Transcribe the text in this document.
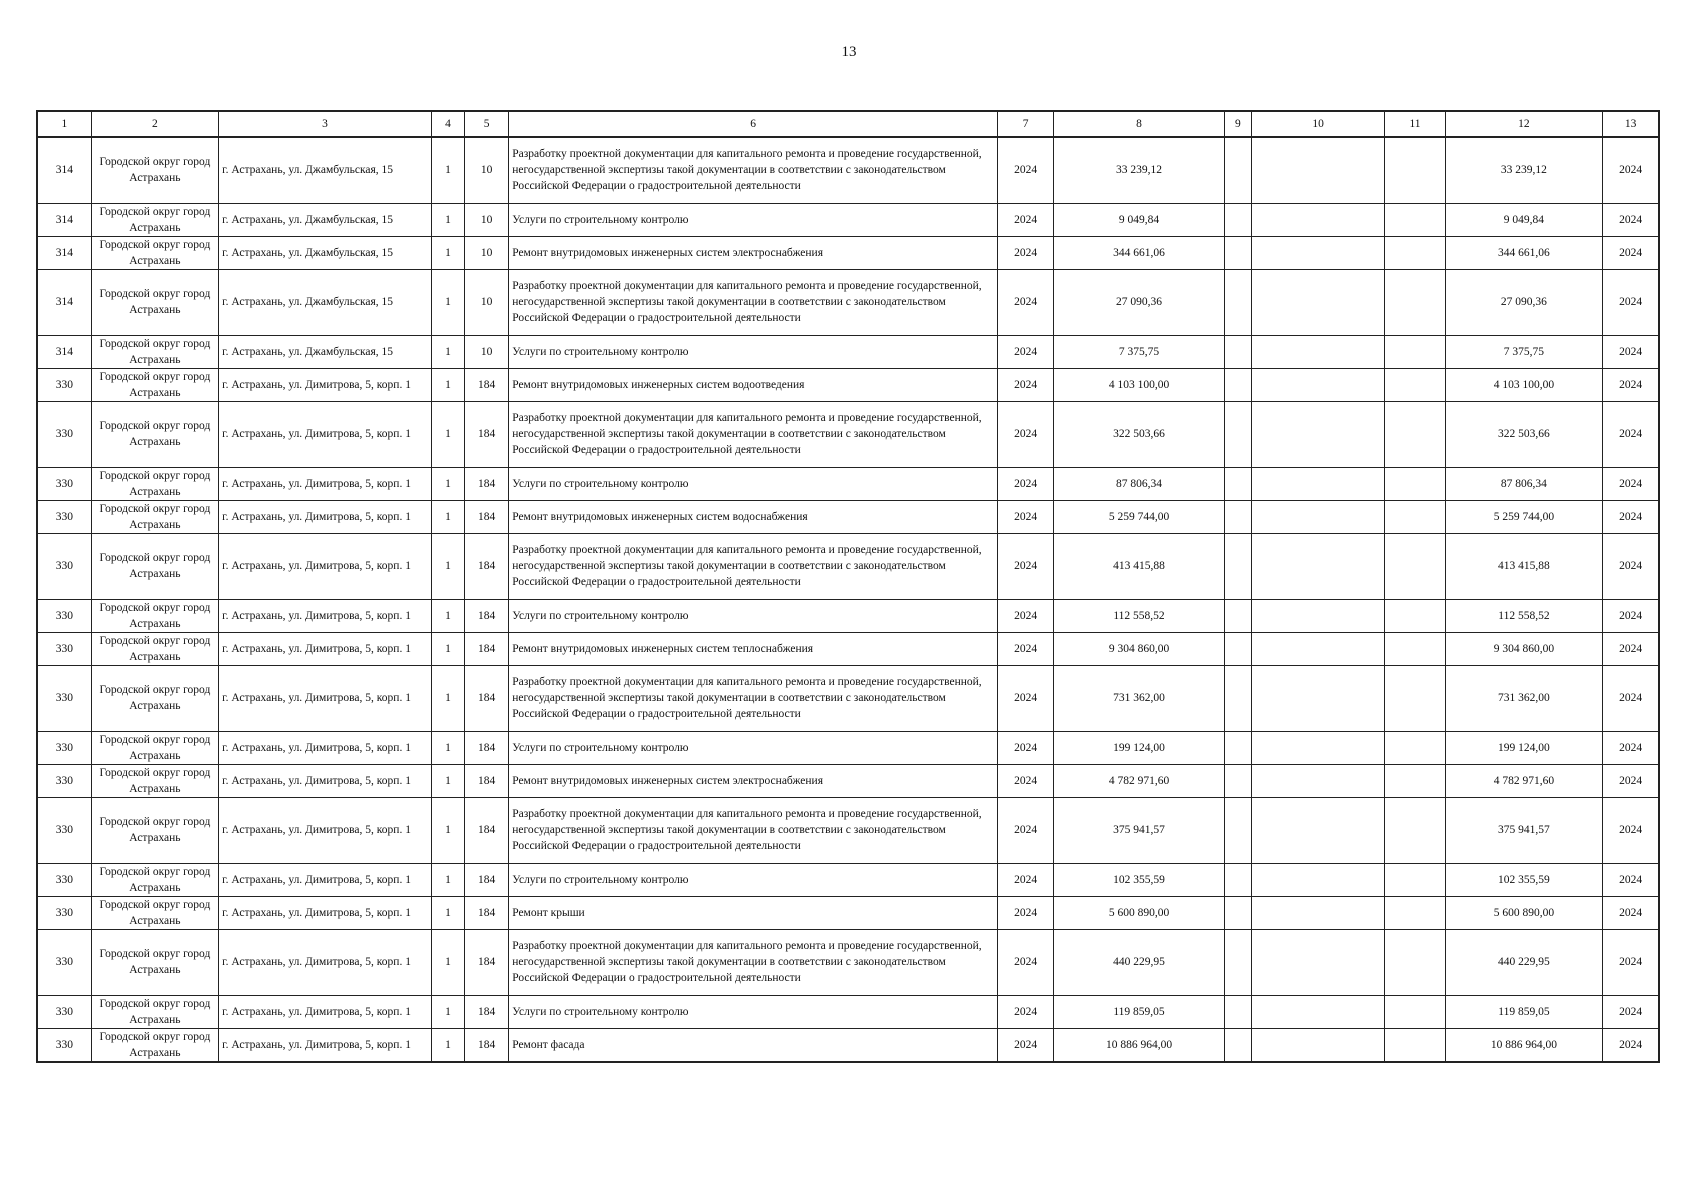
13
1	2	3	4	5	6	7	8	9	10	11	12	13
314	Городской округ город Астрахань	г. Астрахань, ул. Джамбульская, 15	1	10	Разработку проектной документации для капитального ремонта и проведение государственной, негосударственной экспертизы такой документации в соответствии с законодательством Российской Федерации о градостроительной деятельности	2024	33 239,12				33 239,12	2024
314	Городской округ город Астрахань	г. Астрахань, ул. Джамбульская, 15	1	10	Услуги по строительному контролю	2024	9 049,84				9 049,84	2024
314	Городской округ город Астрахань	г. Астрахань, ул. Джамбульская, 15	1	10	Ремонт внутридомовых инженерных систем электроснабжения	2024	344 661,06				344 661,06	2024
314	Городской округ город Астрахань	г. Астрахань, ул. Джамбульская, 15	1	10	Разработку проектной документации для капитального ремонта и проведение государственной, негосударственной экспертизы такой документации в соответствии с законодательством Российской Федерации о градостроительной деятельности	2024	27 090,36				27 090,36	2024
314	Городской округ город Астрахань	г. Астрахань, ул. Джамбульская, 15	1	10	Услуги по строительному контролю	2024	7 375,75				7 375,75	2024
330	Городской округ город Астрахань	г. Астрахань, ул. Димитрова, 5, корп. 1	1	184	Ремонт внутридомовых инженерных систем водоотведения	2024	4 103 100,00				4 103 100,00	2024
330	Городской округ город Астрахань	г. Астрахань, ул. Димитрова, 5, корп. 1	1	184	Разработку проектной документации для капитального ремонта и проведение государственной, негосударственной экспертизы такой документации в соответствии с законодательством Российской Федерации о градостроительной деятельности	2024	322 503,66				322 503,66	2024
330	Городской округ город Астрахань	г. Астрахань, ул. Димитрова, 5, корп. 1	1	184	Услуги по строительному контролю	2024	87 806,34				87 806,34	2024
330	Городской округ город Астрахань	г. Астрахань, ул. Димитрова, 5, корп. 1	1	184	Ремонт внутридомовых инженерных систем водоснабжения	2024	5 259 744,00				5 259 744,00	2024
330	Городской округ город Астрахань	г. Астрахань, ул. Димитрова, 5, корп. 1	1	184	Разработку проектной документации для капитального ремонта и проведение государственной, негосударственной экспертизы такой документации в соответствии с законодательством Российской Федерации о градостроительной деятельности	2024	413 415,88				413 415,88	2024
330	Городской округ город Астрахань	г. Астрахань, ул. Димитрова, 5, корп. 1	1	184	Услуги по строительному контролю	2024	112 558,52				112 558,52	2024
330	Городской округ город Астрахань	г. Астрахань, ул. Димитрова, 5, корп. 1	1	184	Ремонт внутридомовых инженерных систем теплоснабжения	2024	9 304 860,00				9 304 860,00	2024
330	Городской округ город Астрахань	г. Астрахань, ул. Димитрова, 5, корп. 1	1	184	Разработку проектной документации для капитального ремонта и проведение государственной, негосударственной экспертизы такой документации в соответствии с законодательством Российской Федерации о градостроительной деятельности	2024	731 362,00				731 362,00	2024
330	Городской округ город Астрахань	г. Астрахань, ул. Димитрова, 5, корп. 1	1	184	Услуги по строительному контролю	2024	199 124,00				199 124,00	2024
330	Городской округ город Астрахань	г. Астрахань, ул. Димитрова, 5, корп. 1	1	184	Ремонт внутридомовых инженерных систем электроснабжения	2024	4 782 971,60				4 782 971,60	2024
330	Городской округ город Астрахань	г. Астрахань, ул. Димитрова, 5, корп. 1	1	184	Разработку проектной документации для капитального ремонта и проведение государственной, негосударственной экспертизы такой документации в соответствии с законодательством Российской Федерации о градостроительной деятельности	2024	375 941,57				375 941,57	2024
330	Городской округ город Астрахань	г. Астрахань, ул. Димитрова, 5, корп. 1	1	184	Услуги по строительному контролю	2024	102 355,59				102 355,59	2024
330	Городской округ город Астрахань	г. Астрахань, ул. Димитрова, 5, корп. 1	1	184	Ремонт крыши	2024	5 600 890,00				5 600 890,00	2024
330	Городской округ город Астрахань	г. Астрахань, ул. Димитрова, 5, корп. 1	1	184	Разработку проектной документации для капитального ремонта и проведение государственной, негосударственной экспертизы такой документации в соответствии с законодательством Российской Федерации о градостроительной деятельности	2024	440 229,95				440 229,95	2024
330	Городской округ город Астрахань	г. Астрахань, ул. Димитрова, 5, корп. 1	1	184	Услуги по строительному контролю	2024	119 859,05				119 859,05	2024
330	Городской округ город Астрахань	г. Астрахань, ул. Димитрова, 5, корп. 1	1	184	Ремонт фасада	2024	10 886 964,00				10 886 964,00	2024
